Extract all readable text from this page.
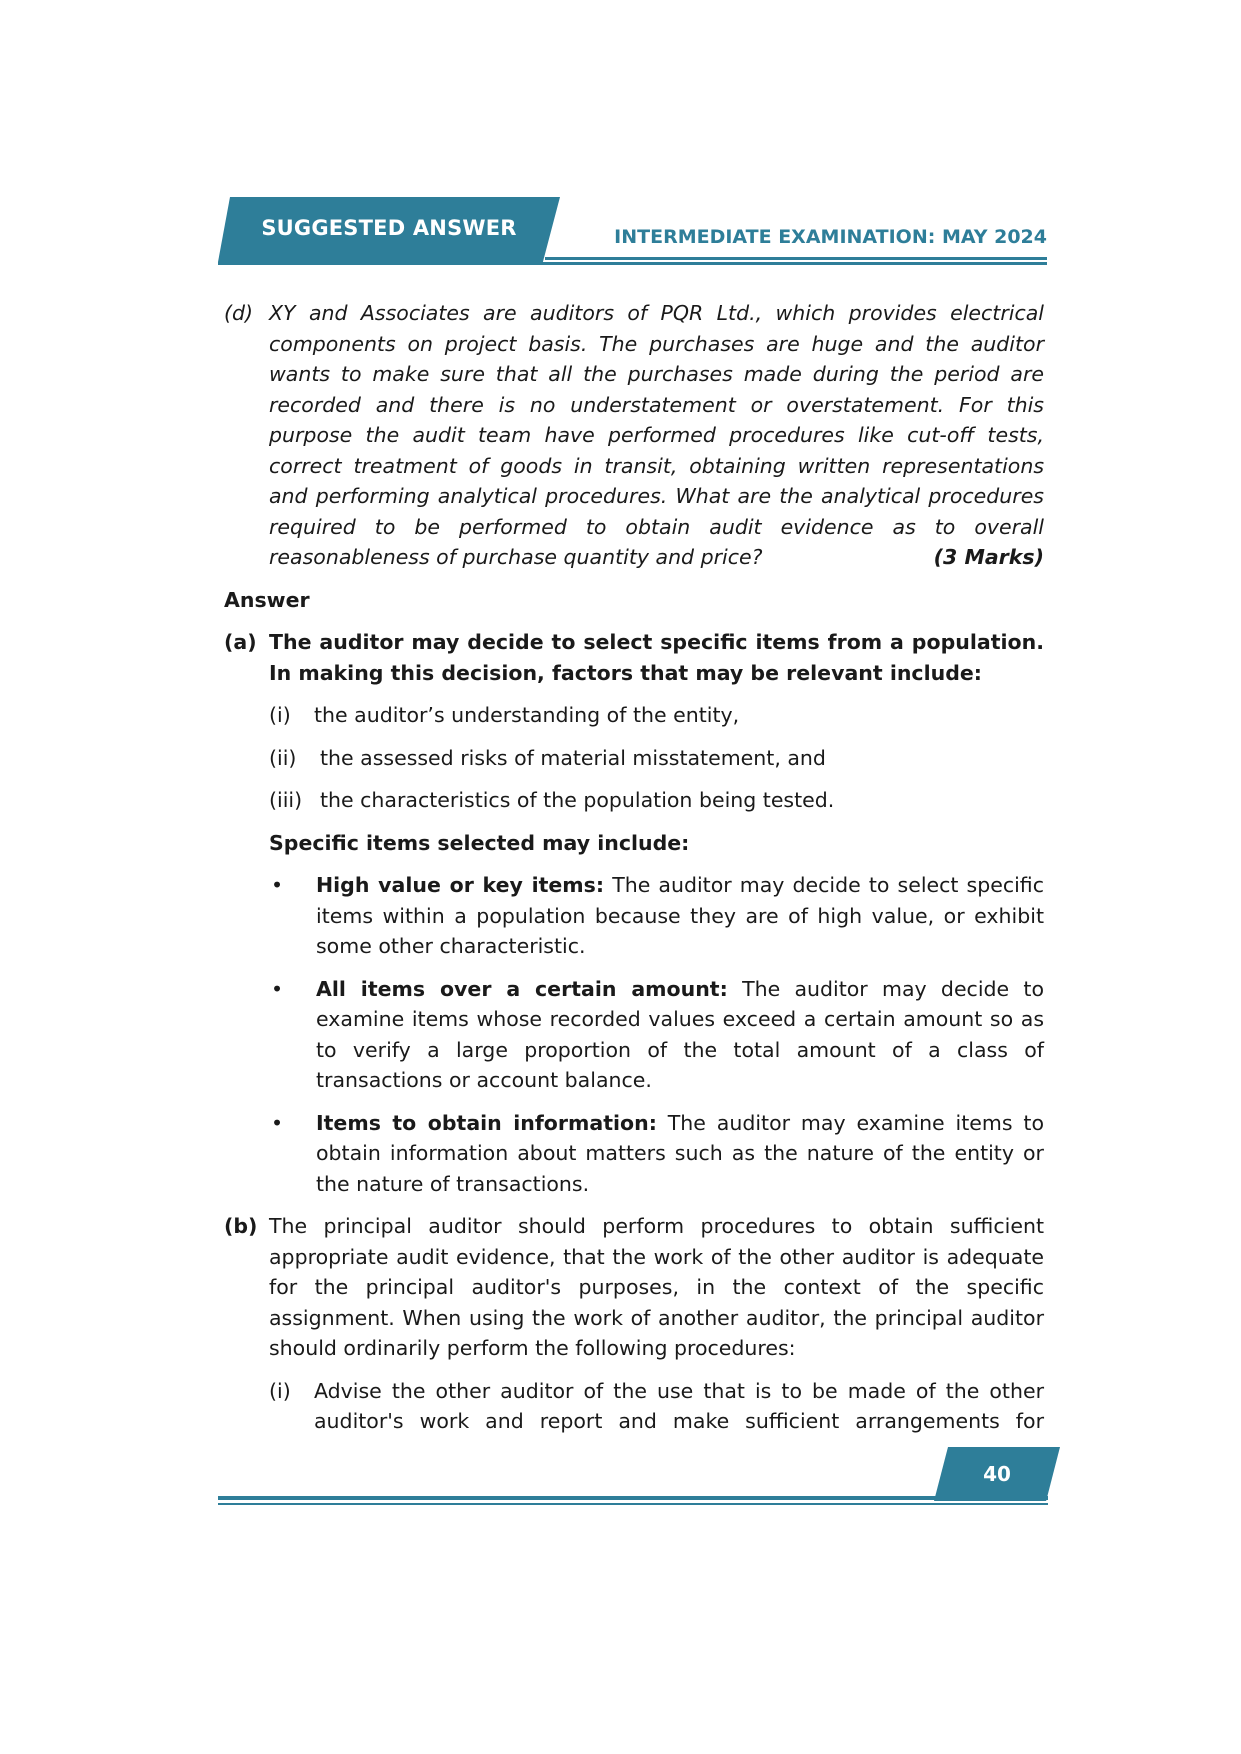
SUGGESTED ANSWER	INTERMEDIATE EXAMINATION: MAY 2024
(d) XY and Associates are auditors of PQR Ltd., which provides electrical components on project basis. The purchases are huge and the auditor wants to make sure that all the purchases made during the period are recorded and there is no understatement or overstatement. For this purpose the audit team have performed procedures like cut-off tests, correct treatment of goods in transit, obtaining written representations and performing analytical procedures. What are the analytical procedures required to be performed to obtain audit evidence as to overall reasonableness of purchase quantity and price?	(3 Marks)

Answer

(a) The auditor may decide to select specific items from a population. In making this decision, factors that may be relevant include:

(i)	the auditor’s understanding of the entity,
(ii)	the assessed risks of material misstatement, and
(iii) the characteristics of the population being tested.

Specific items selected may include:

•	High value or key items: The auditor may decide to select specific items within a population because they are of high value, or exhibit some other characteristic.

•	All items over a certain amount: The auditor may decide to examine items whose recorded values exceed a certain amount so as to verify a large proportion of the total amount of a class of transactions or account balance.

•	Items to obtain information: The auditor may examine items to obtain information about matters such as the nature of the entity or the nature of transactions.

(b) The principal auditor should perform procedures to obtain sufficient appropriate audit evidence, that the work of the other auditor is adequate for the principal auditor's purposes, in the context of the specific assignment. When using the work of another auditor, the principal auditor should ordinarily perform the following procedures:

(i)	Advise the other auditor of the use that is to be made of the other auditor's work and report and make sufficient arrangements for
40
